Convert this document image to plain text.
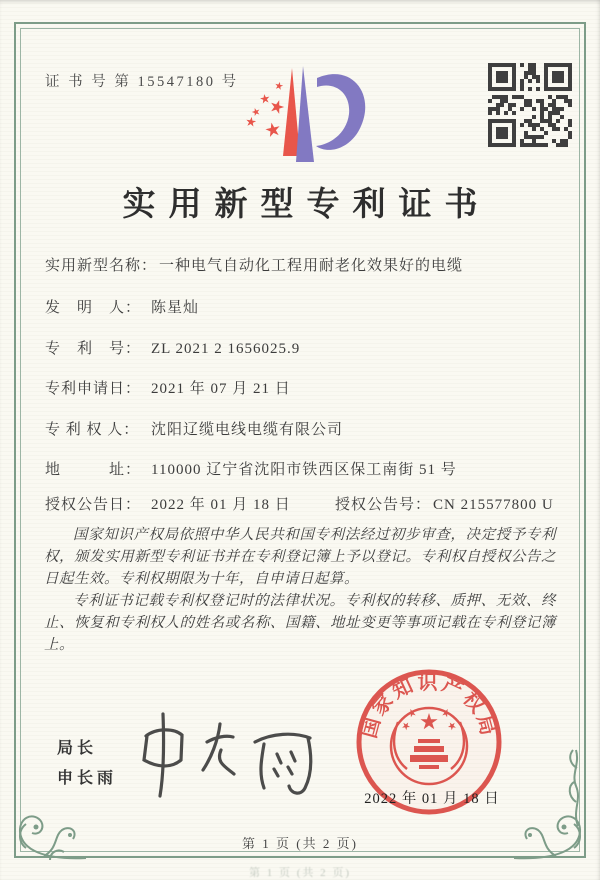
证 书 号 第 15547180 号
实用新型专利证书
实用新型名称： 一种电气自动化工程用耐老化效果好的电缆
发　明　人： 陈星灿
专　利　号： ZL 2021 2 1656025.9
专利申请日： 2021 年 07 月 21 日
专 利 权 人： 沈阳辽缆电线电缆有限公司
地　　　址： 110000 辽宁省沈阳市铁西区保工南街 51 号
授权公告日： 2022 年 01 月 18 日	授权公告号： CN 215577800 U

国家知识产权局依照中华人民共和国专利法经过初步审查，决定授予专利权，颁发实用新型专利证书并在专利登记簿上予以登记。专利权自授权公告之日起生效。专利权期限为十年，自申请日起算。

专利证书记载专利权登记时的法律状况。专利权的转移、质押、无效、终止、恢复和专利权人的姓名或名称、国籍、地址变更等事项记载在专利登记簿上。

局长
申长雨
国家知识产权局
2022 年 01 月 18 日
第 1 页 (共 2 页)
第 1 页 (共 2 页)
